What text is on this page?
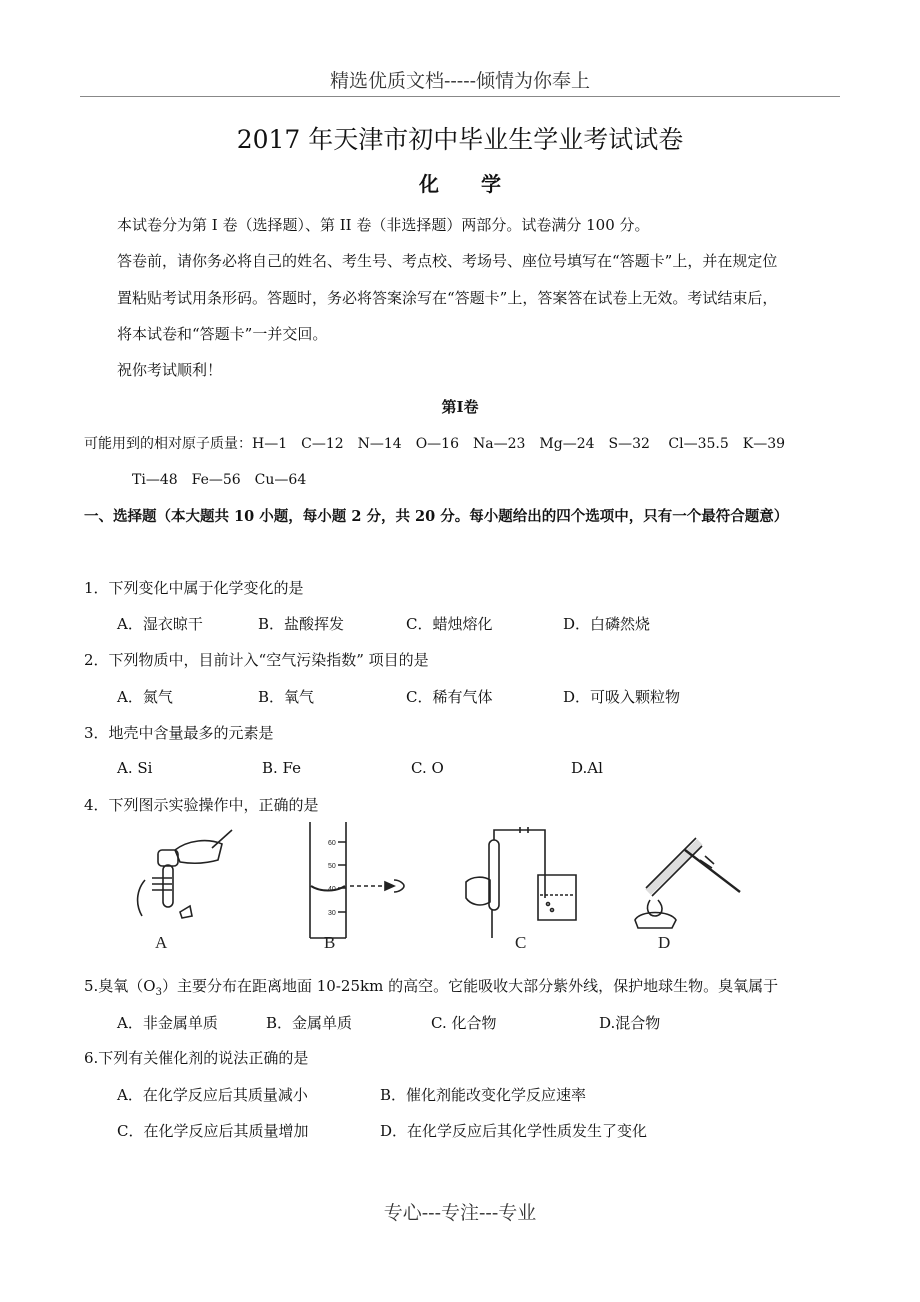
精选优质文档-----倾情为你奉上
2017 年天津市初中毕业生学业考试试卷
化学
本试卷分为第 I 卷（选择题）、第 II 卷（非选择题）两部分。试卷满分 100 分。
答卷前，请你务必将自己的姓名、考生号、考点校、考场号、座位号填写在“答题卡”上，并在规定位
置粘贴考试用条形码。答题时，务必将答案涂写在“答题卡”上，答案答在试卷上无效。考试结束后，
将本试卷和“答题卡”一并交回。
祝你考试顺利！
第I卷
可能用到的相对原子质量：H—1　C—12　N—14　O—16　Na—23　Mg—24　S—32　 Cl—35.5　K—39
Ti—48　Fe—56　Cu—64
一、选择题（本大题共 10 小题，每小题 2 分，共 20 分。每小题给出的四个选项中，只有一个最符合题意）
1．下列变化中属于化学变化的是
A．湿衣晾干	B．盐酸挥发	C．蜡烛熔化	D．白磷然烧
2．下列物质中，目前计入“空气污染指数” 项目的是
A．氮气	B．氧气	C．稀有气体	D．可吸入颗粒物
3．地壳中含量最多的元素是
A. Si	B. Fe	C. O	D.Al
4．下列图示实验操作中，正确的是
A
60
50
40
30
B	C	D
5.臭氧$(O_3)$主要分布在距离地面 10-25km 的高空。它能吸收大部分紫外线，保护地球生物。臭氧属于
A．非金属单质	B．金属单质	C. 化合物	D.混合物
6.下列有关催化剂的说法正确的是
A．在化学反应后其质量减小	B．催化剂能改变化学反应速率
C．在化学反应后其质量增加	D．在化学反应后其化学性质发生了变化
专心---专注---专业
